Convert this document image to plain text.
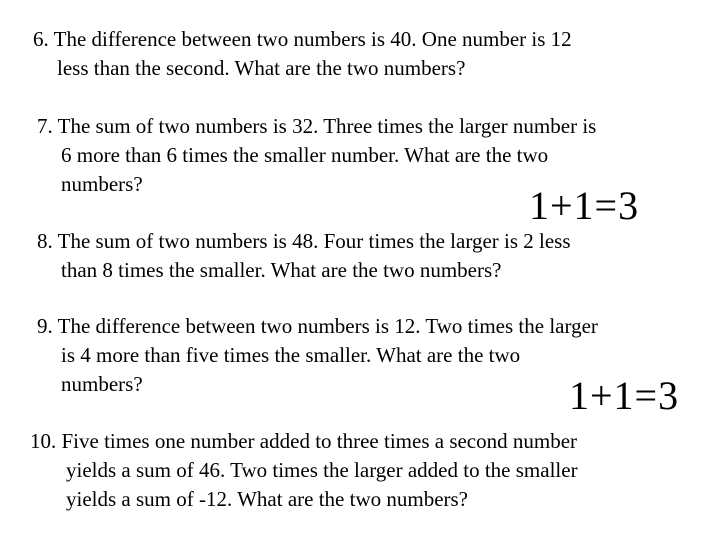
6. The difference between two numbers is 40. One number is 12
less than the second. What are the two numbers?
7. The sum of two numbers is 32. Three times the larger number is
6 more than 6 times the smaller number. What are the two
numbers?	1+1=3
8. The sum of two numbers is 48. Four times the larger is 2 less
than 8 times the smaller. What are the two numbers?
9. The difference between two numbers is 12. Two times the larger
is 4 more than five times the smaller. What are the two
numbers?	1+1=3
10. Five times one number added to three times a second number
yields a sum of 46. Two times the larger added to the smaller
yields a sum of -12. What are the two numbers?
